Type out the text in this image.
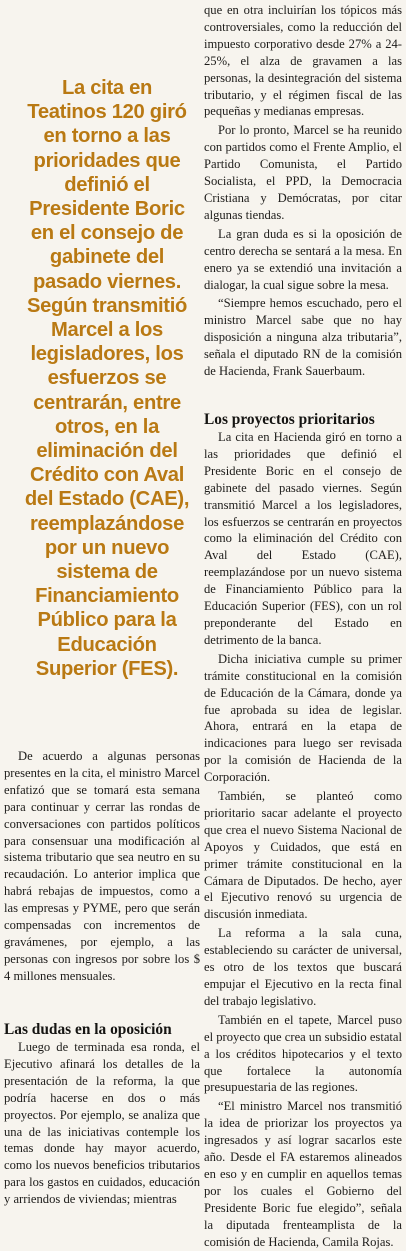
La cita en Teatinos 120 giró en torno a las prioridades que definió el Presidente Boric en el consejo de gabinete del pasado viernes. Según transmitió Marcel a los legisladores, los esfuerzos se centrarán, entre otros, en la eliminación del Crédito con Aval del Estado (CAE), reemplazándose por un nuevo sistema de Financiamiento Público para la Educación Superior (FES).

De acuerdo a algunas personas presentes en la cita, el ministro Marcel enfatizó que se tomará esta semana para continuar y cerrar las rondas de conversaciones con partidos políticos para consensuar una modificación al sistema tributario que sea neutro en su recaudación. Lo anterior implica que habrá rebajas de impuestos, como a las empresas y PYME, pero que serán compensadas con incrementos de gravámenes, por ejemplo, a las personas con ingresos por sobre los $ 4 millones mensuales.

Las dudas en la oposición

Luego de terminada esa ronda, el Ejecutivo afinará los detalles de la presentación de la reforma, la que podría hacerse en dos o más proyectos. Por ejemplo, se analiza que una de las iniciativas contemple los temas donde hay mayor acuerdo, como los nuevos beneficios tributarios para los gastos en cuidados, educación y arriendos de viviendas; mientras

que en otra incluirían los tópicos más controversiales, como la reducción del impuesto corporativo desde 27% a 24-25%, el alza de gravamen a las personas, la desintegración del sistema tributario, y el régimen fiscal de las pequeñas y medianas empresas.

Por lo pronto, Marcel se ha reunido con partidos como el Frente Amplio, el Partido Comunista, el Partido Socialista, el PPD, la Democracia Cristiana y Demócratas, por citar algunas tiendas.

La gran duda es si la oposición de centro derecha se sentará a la mesa. En enero ya se extendió una invitación a dialogar, la cual sigue sobre la mesa.

“Siempre hemos escuchado, pero el ministro Marcel sabe que no hay disposición a ninguna alza tributaria”, señala el diputado RN de la comisión de Hacienda, Frank Sauerbaum.

Los proyectos prioritarios

La cita en Hacienda giró en torno a las prioridades que definió el Presidente Boric en el consejo de gabinete del pasado viernes. Según transmitió Marcel a los legisladores, los esfuerzos se centrarán en proyectos como la eliminación del Crédito con Aval del Estado (CAE), reemplazándose por un nuevo sistema de Financiamiento Público para la Educación Superior (FES), con un rol preponderante del Estado en detrimento de la banca.

Dicha iniciativa cumple su primer trámite constitucional en la comisión de Educación de la Cámara, donde ya fue aprobada su idea de legislar. Ahora, entrará en la etapa de indicaciones para luego ser revisada por la comisión de Hacienda de la Corporación.

También, se planteó como prioritario sacar adelante el proyecto que crea el nuevo Sistema Nacional de Apoyos y Cuidados, que está en primer trámite constitucional en la Cámara de Diputados. De hecho, ayer el Ejecutivo renovó su urgencia de discusión inmediata.

La reforma a la sala cuna, estableciendo su carácter de universal, es otro de los textos que buscará empujar el Ejecutivo en la recta final del trabajo legislativo.

También en el tapete, Marcel puso el proyecto que crea un subsidio estatal a los créditos hipotecarios y el texto que fortalece la autonomía presupuestaria de las regiones.

“El ministro Marcel nos transmitió la idea de priorizar los proyectos ya ingresados y así lograr sacarlos este año. Desde el FA estaremos alineados en eso y en cumplir en aquellos temas por los cuales el Gobierno del Presidente Boric fue elegido”, señala la diputada frenteamplista de la comisión de Hacienda, Camila Rojas.
